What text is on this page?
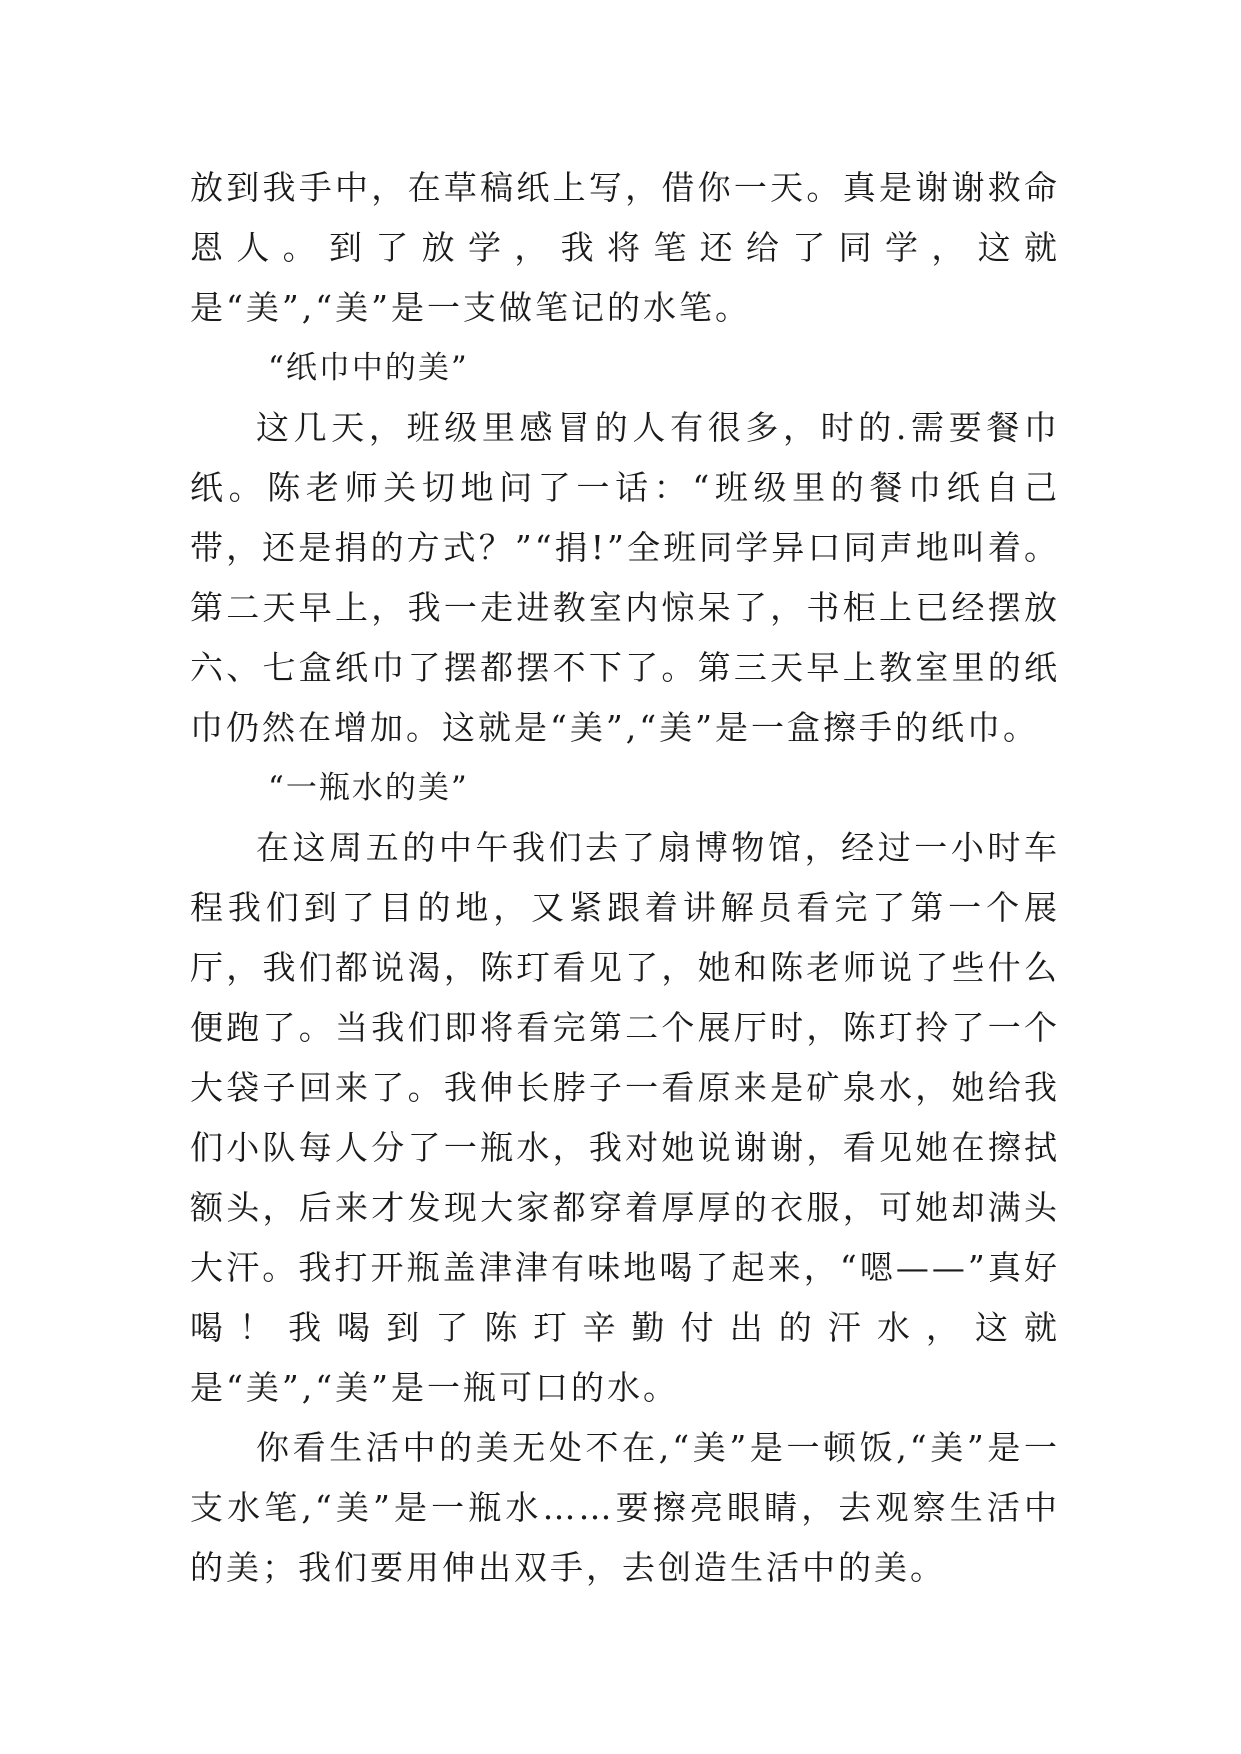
放到我手中，在草稿纸上写，借你一天。真是谢谢救命恩人。到了放学，我将笔还给了同学，这就是“美”,“美”是一支做笔记的水笔。

“纸巾中的美”

这几天，班级里感冒的人有很多，时的.需要餐巾纸。陈老师关切地问了一话：“班级里的餐巾纸自己带，还是捐的方式？”“捐!”全班同学异口同声地叫着。第二天早上，我一走进教室内惊呆了，书柜上已经摆放六、七盒纸巾了摆都摆不下了。第三天早上教室里的纸巾仍然在增加。这就是“美”,“美”是一盒擦手的纸巾。

“一瓶水的美”

在这周五的中午我们去了扇博物馆，经过一小时车程我们到了目的地，又紧跟着讲解员看完了第一个展厅，我们都说渴，陈玎看见了，她和陈老师说了些什么便跑了。当我们即将看完第二个展厅时，陈玎拎了一个大袋子回来了。我伸长脖子一看原来是矿泉水，她给我们小队每人分了一瓶水，我对她说谢谢，看见她在擦拭额头，后来才发现大家都穿着厚厚的衣服，可她却满头大汗。我打开瓶盖津津有味地喝了起来，“嗯——”真好喝！我喝到了陈玎辛勤付出的汗水，这就是“美”,“美”是一瓶可口的水。

你看生活中的美无处不在,“美”是一顿饭,“美”是一支水笔,“美”是一瓶水……要擦亮眼睛，去观察生活中的美；我们要用伸出双手，去创造生活中的美。
